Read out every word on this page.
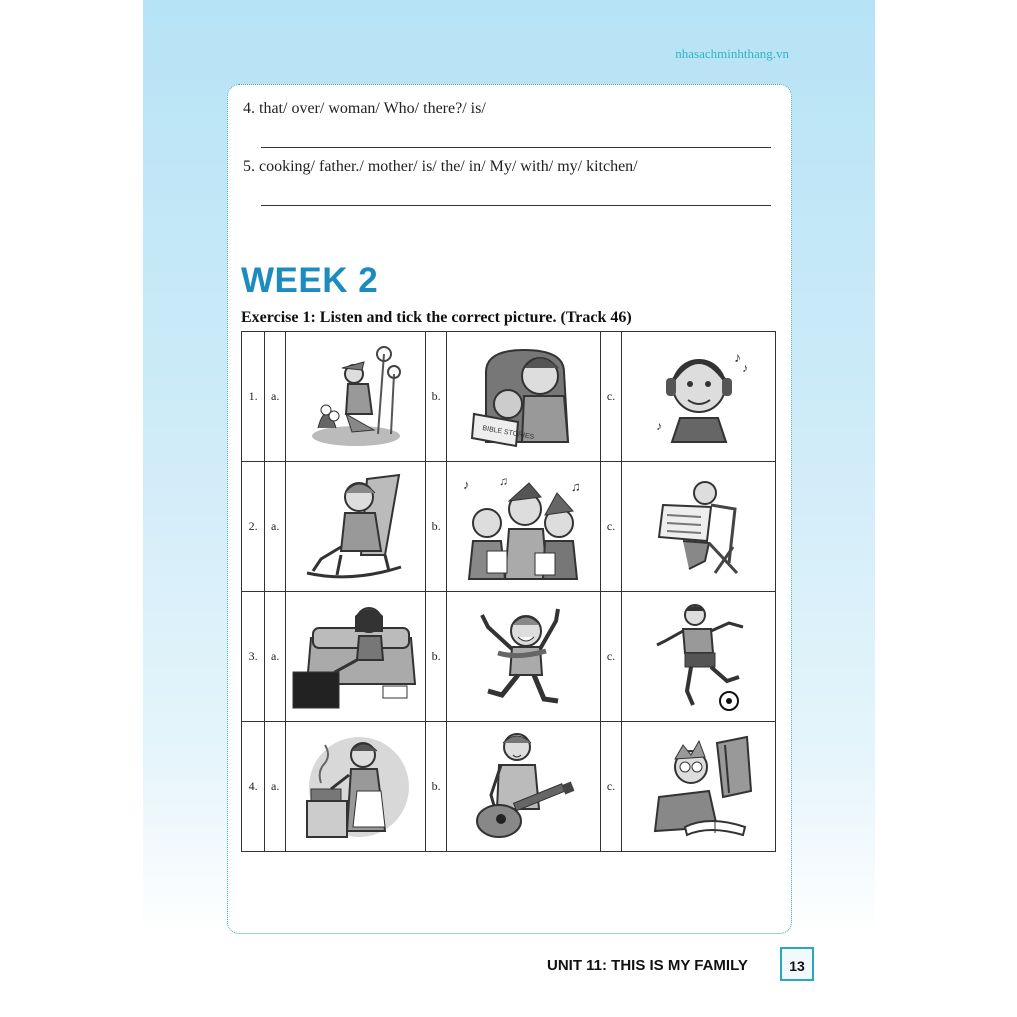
nhasachminhthang.vn
4. that/ over/ woman/ Who/ there?/ is/
5. cooking/ father./ mother/ is/ the/ in/ My/ with/ my/ kitchen/
WEEK 2
Exercise 1: Listen and tick the correct picture. (Track 46)
1.	a.		b.	BIBLE STORIES	c.	♪
♪
♪

2.	a.		b.	♪ ♫ ♫	c.	

3.	a.		b.		c.	

4.	a.		b.		c.	
UNIT 11: THIS IS MY FAMILY	13
